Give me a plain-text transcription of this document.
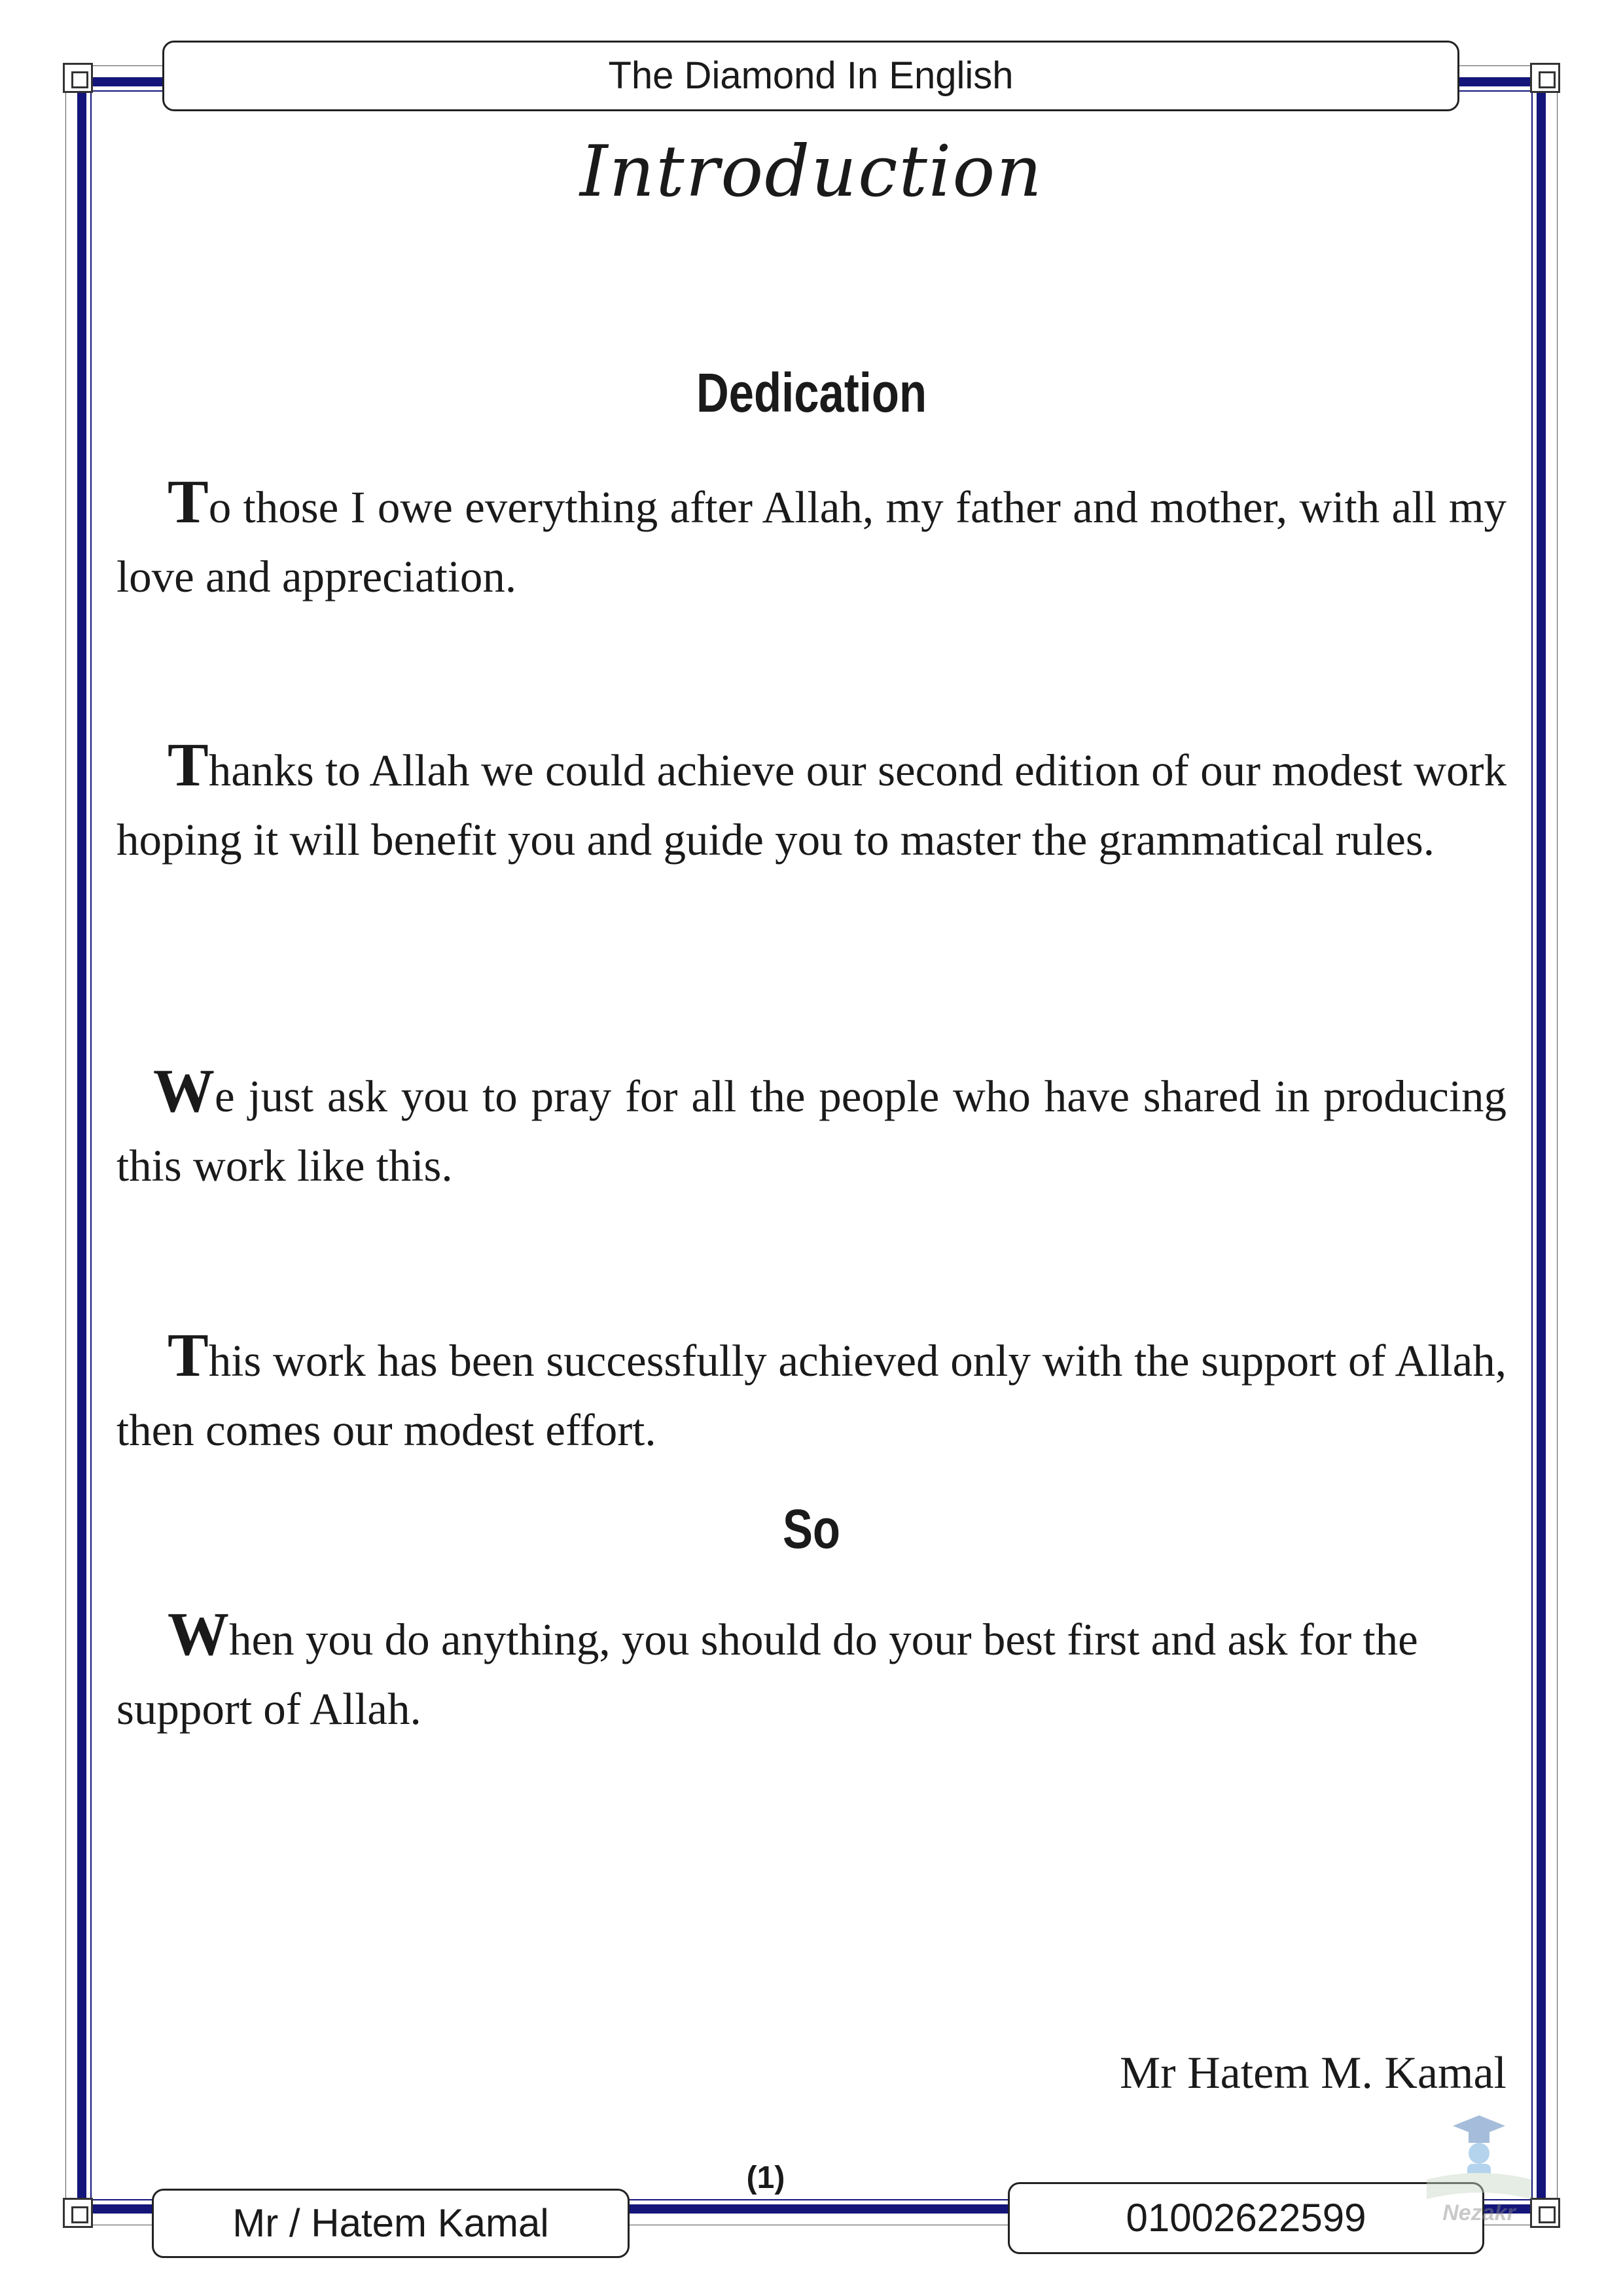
The Diamond In English
Introduction
Dedication

To those I owe everything after Allah, my father and mother, with all my love and appreciation.

Thanks to Allah we could achieve our second edition of our modest work hoping it will benefit you and guide you to master the grammatical rules.

We just ask you to pray for all the people who have shared in producing this work like this.

This work has been successfully achieved only with the support of Allah, then comes our modest effort.

So

When you do anything, you should do your best first and ask for the support of Allah.

Mr Hatem M. Kamal
Mr / Hatem Kamal
(1)
01002622599	Nezakr
